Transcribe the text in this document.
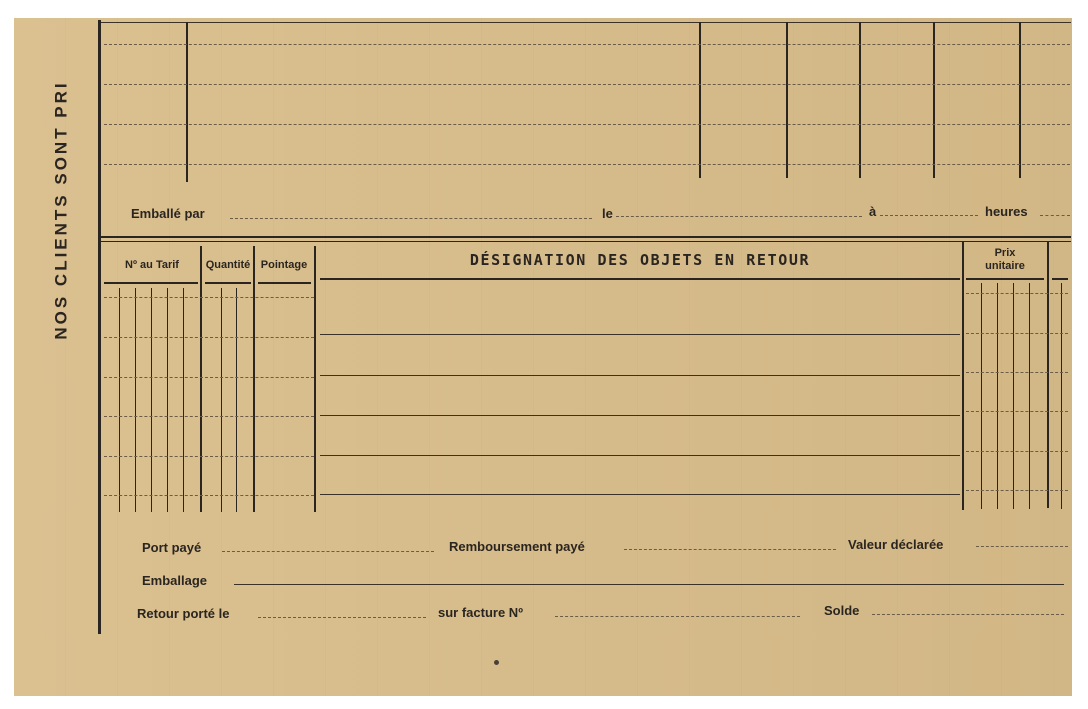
NOS CLIENTS SONT PRI	Emballé par	le	à	heures
Nº au Tarif	Quantité Pointage	DÉSIGNATION DES OBJETS EN RETOUR	Prix unitaire
Port payé	Remboursement payé	Valeur déclarée
Emballage
Retour porté le	sur facture Nº	Solde
